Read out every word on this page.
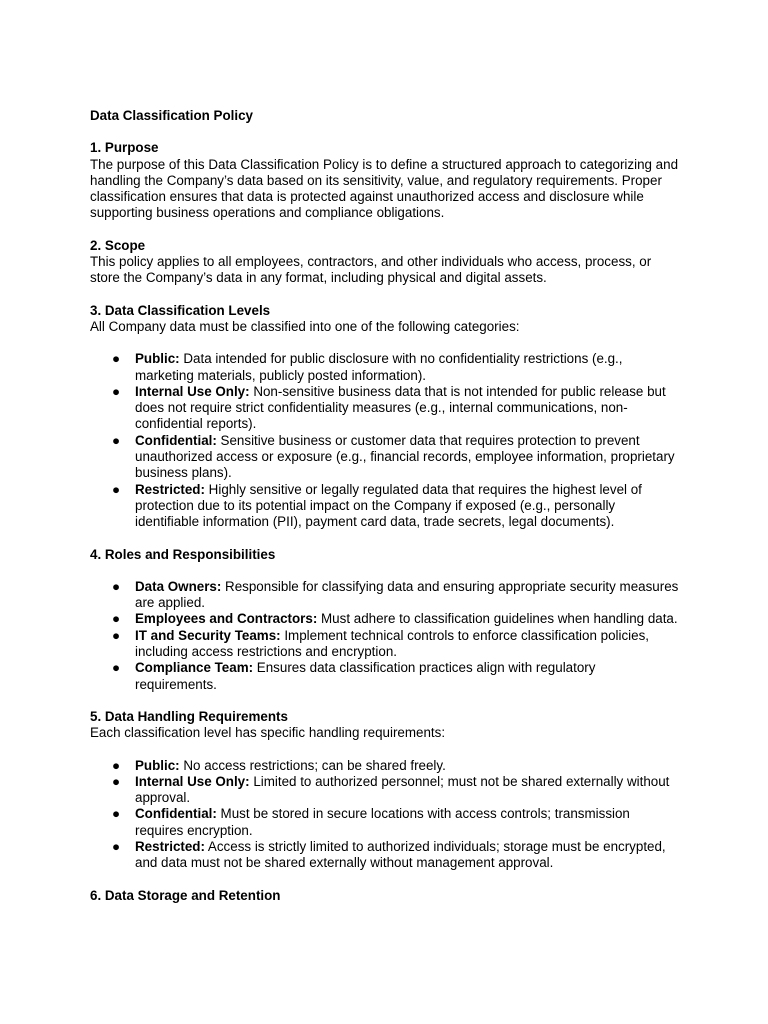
Data Classification Policy
1. Purpose

The purpose of this Data Classification Policy is to define a structured approach to categorizing and handling the Company’s data based on its sensitivity, value, and regulatory requirements. Proper classification ensures that data is protected against unauthorized access and disclosure while supporting business operations and compliance obligations.

2. Scope

This policy applies to all employees, contractors, and other individuals who access, process, or store the Company’s data in any format, including physical and digital assets.

3. Data Classification Levels

All Company data must be classified into one of the following categories:

● Public: Data intended for public disclosure with no confidentiality restrictions (e.g., marketing materials, publicly posted information).
● Internal Use Only: Non-sensitive business data that is not intended for public release but does not require strict confidentiality measures (e.g., internal communications, non-confidential reports).
● Confidential: Sensitive business or customer data that requires protection to prevent unauthorized access or exposure (e.g., financial records, employee information, proprietary business plans).
● Restricted: Highly sensitive or legally regulated data that requires the highest level of protection due to its potential impact on the Company if exposed (e.g., personally identifiable information (PII), payment card data, trade secrets, legal documents).
4. Roles and Responsibilities
● Data Owners: Responsible for classifying data and ensuring appropriate security measures are applied.
● Employees and Contractors: Must adhere to classification guidelines when handling data.
● IT and Security Teams: Implement technical controls to enforce classification policies, including access restrictions and encryption.
● Compliance Team: Ensures data classification practices align with regulatory requirements.
5. Data Handling Requirements

Each classification level has specific handling requirements:

● Public: No access restrictions; can be shared freely.
● Internal Use Only: Limited to authorized personnel; must not be shared externally without approval.
● Confidential: Must be stored in secure locations with access controls; transmission requires encryption.
● Restricted: Access is strictly limited to authorized individuals; storage must be encrypted, and data must not be shared externally without management approval.
6. Data Storage and Retention
